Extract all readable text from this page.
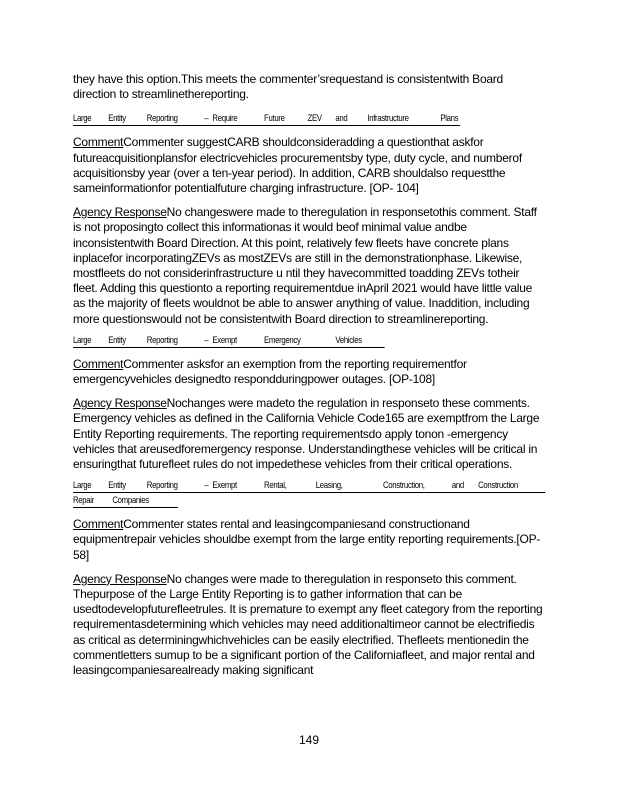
they have this option.This meets the commenter’srequestand is consistentwith Board direction to streamlinethereporting.

Large Entity Reporting	– Require	Future ZEV and Infrastructure	Plans

CommentCommenter suggestCARB shouldconsideradding a questionthat askfor futureacquisitionplansfor electricvehicles procurementsby type, duty cycle, and numberof acquisitionsby year (over a ten-year period). In addition, CARB shouldalso requestthe sameinformationfor potentialfuture charging infrastructure. [OP- 104]

Agency ResponseNo changeswere made to theregulation in responsetothis comment. Staff is not proposingto collect this informationas it would beof minimal value andbe inconsistentwith Board Direction. At this point, relatively few fleets have concrete plans inplacefor incorporatingZEVs as mostZEVs are still in the demonstrationphase. Likewise, mostfleets do not considerinfrastructure u ntil they havecommitted toadding ZEVs totheir fleet. Adding this questionto a reporting requirementdue inApril 2021 would have little value as the majority of fleets wouldnot be able to answer anything of value. Inaddition, including more questionswould not be consistentwith Board direction to streamlinereporting.

Large Entity Reporting	– Exempt	Emergency	Vehicles

CommentCommenter asksfor an exemption from the reporting requirementfor emergencyvehicles designedto respondduringpower outages. [OP-108]

Agency ResponseNochanges were madeto the regulation in responseto these comments. Emergency vehicles as defined in the California Vehicle Code165 are exemptfrom the Large Entity Reporting requirements. The reporting requirementsdo apply tonon -emergency vehicles that areusedforemergency response. Understandingthese vehicles will be critical in ensuringthat futurefleet rules do not impedethese vehicles from their critical operations.

Large Entity Reporting	– Exempt	Rental,	Leasing,	Construction,	and Construction
Repair Companies

CommentCommenter states rental and leasingcompaniesand constructionand equipmentrepair vehicles shouldbe exempt from the large entity reporting requirements.[OP-58]

Agency ResponseNo changes were made to theregulation in responseto this comment. Thepurpose of the Large Entity Reporting is to gather information that can be usedtodevelopfuturefleetrules. It is premature to exempt any fleet category from the reporting requirementasdetermining which vehicles may need additionaltimeor cannot be electrifiedis as critical as determiningwhichvehicles can be easily electrified. Thefleets mentionedin the commentletters sumup to be a significant portion of the Californiafleet, and major rental and leasingcompaniesarealready making significant

149
